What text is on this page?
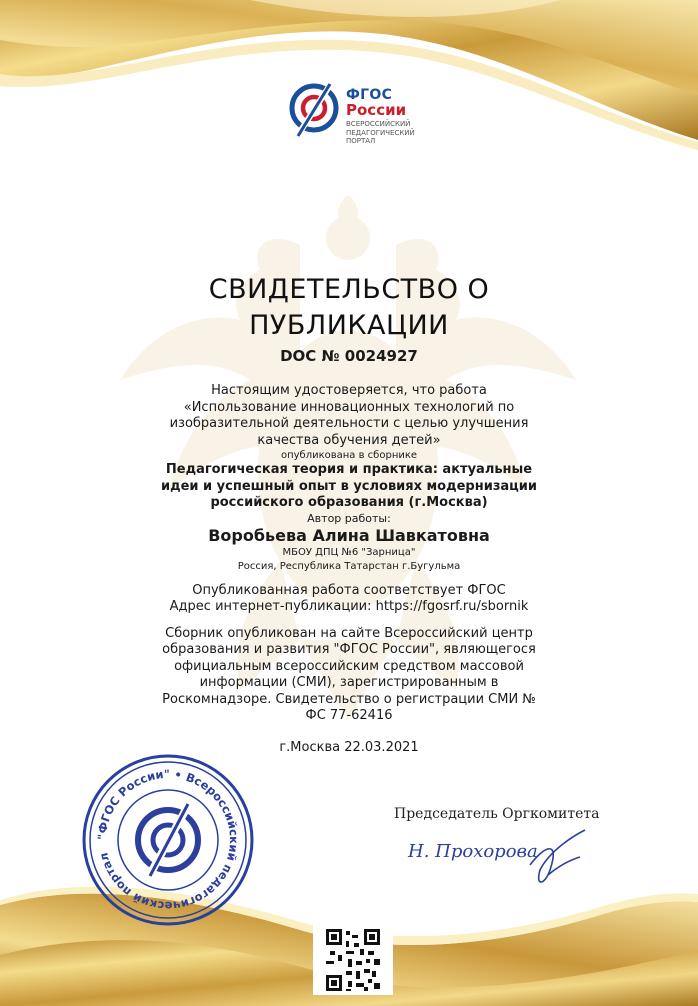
ФГОС
России
ВСЕРОССИЙСКИЙ
ПЕДАГОГИЧЕСКИЙ
ПОРТАЛ
СВИДЕТЕЛЬСТВО О
ПУБЛИКАЦИИ
DOC № 0024927
Настоящим удостоверяется, что работа
«Использование инновационных технологий по
изобразительной деятельности с целью улучшения
качества обучения детей»
опубликована в сборнике
Педагогическая теория и практика: актуальные
идеи и успешный опыт в условиях модернизации
российского образования (г.Москва)
Автор работы:
Воробьева Алина Шавкатовна
МБОУ ДПЦ №6 "Зарница"
Россия, Республика Татарстан г.Бугульма
Опубликованная работа соответствует ФГОС
Адрес интернет-публикации: https://fgosrf.ru/sbornik
Сборник опубликован на сайте Всероссийский центр
образования и развития "ФГОС России", являющегося
официальным всероссийским средством массовой
информации (СМИ), зарегистрированным в
Роскомнадзоре. Свидетельство о регистрации СМИ №
ФС 77-62416
г.Москва 22.03.2021
"ФГОС России" • Всероссийский педагогический портал
Председатель Оргкомитета
Н. Прохорова
